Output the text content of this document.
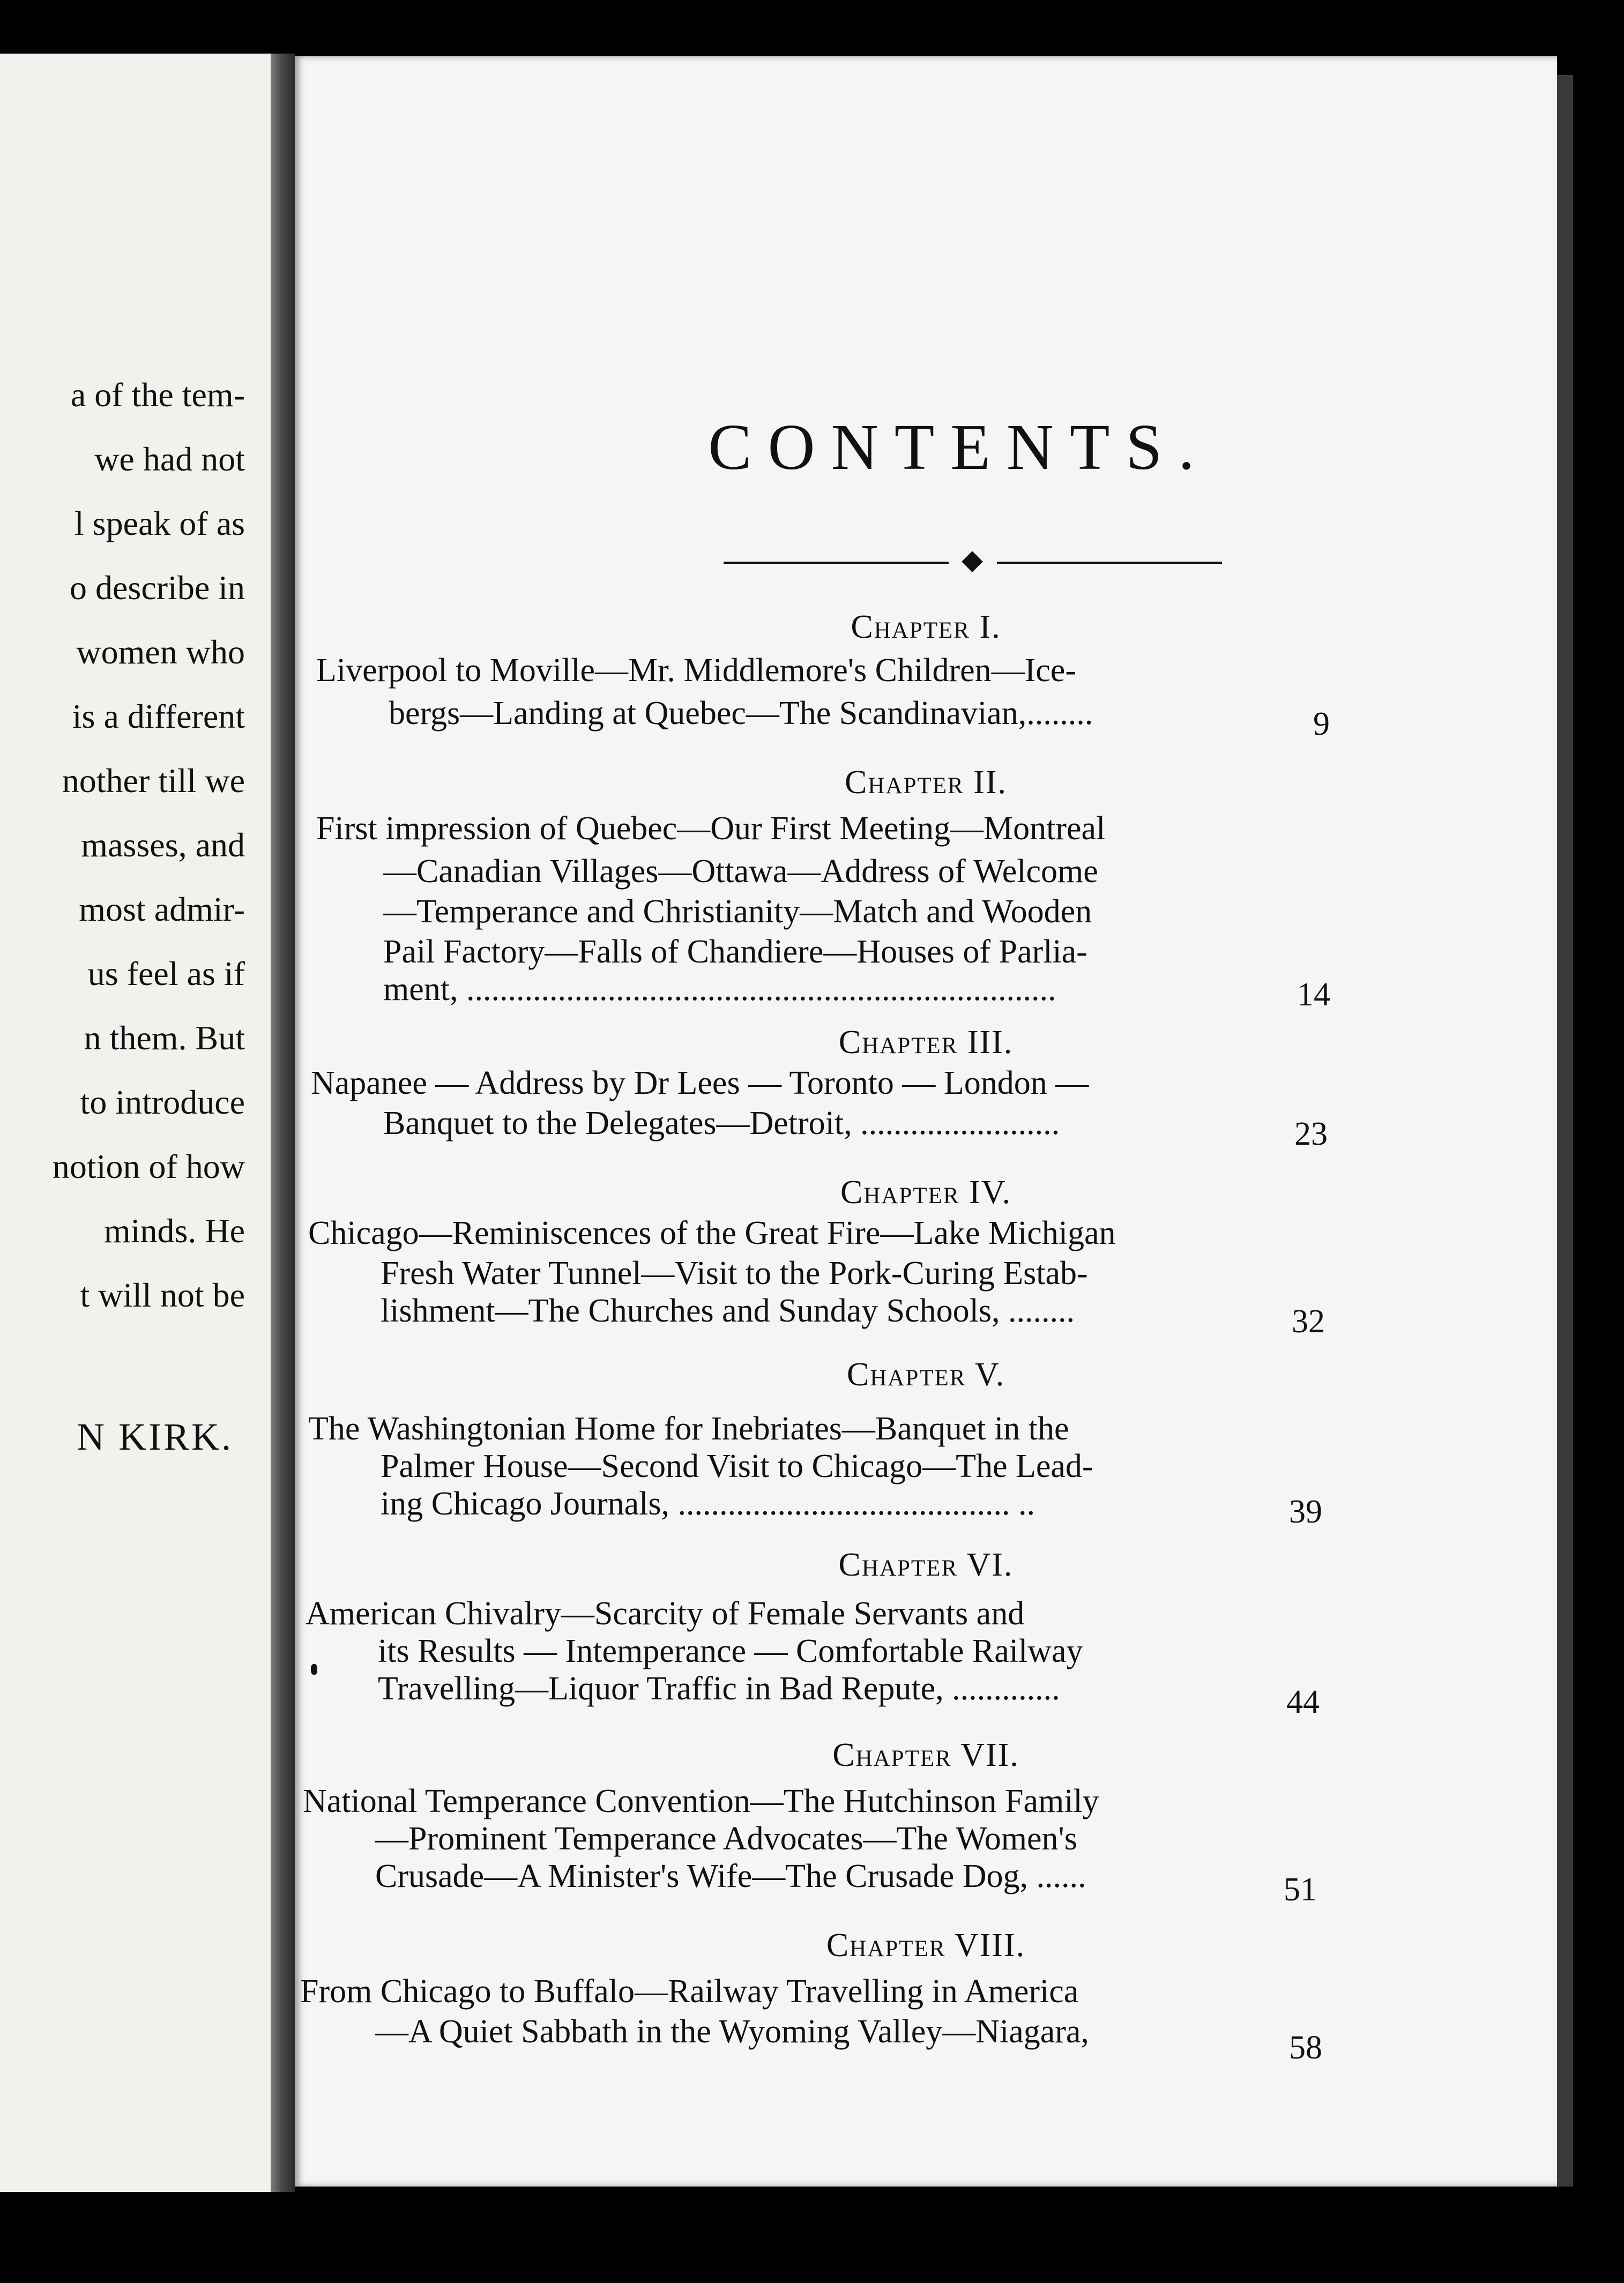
a of the tem-
we had not
l speak of as
o describe in
women who
is a different
nother till we
masses, and
most admir-
us feel as if
n them. But
to introduce
notion of how
minds. He
t will not be
N KIRK.
CONTENTS.
Chapter I.
Liverpool to Moville—Mr. Middlemore's Children—Ice-
bergs—Landing at Quebec—The Scandinavian,........	9
Chapter II.
First impression of Quebec—Our First Meeting—Montreal
—Canadian Villages—Ottawa—Address of Welcome
—Temperance and Christianity—Match and Wooden
Pail Factory—Falls of Chandiere—Houses of Parlia-
ment, .......................................................................	14
Chapter III.
Napanee — Address by Dr Lees — Toronto — London —
Banquet to the Delegates—Detroit, ........................	23
Chapter IV.
Chicago—Reminiscences of the Great Fire—Lake Michigan
Fresh Water Tunnel—Visit to the Pork-Curing Estab-
lishment—The Churches and Sunday Schools, ........	32
Chapter V.
The Washingtonian Home for Inebriates—Banquet in the
Palmer House—Second Visit to Chicago—The Lead-
ing Chicago Journals, ........................................ ..	39
Chapter VI.
American Chivalry—Scarcity of Female Servants and
its Results — Intemperance — Comfortable Railway
Travelling—Liquor Traffic in Bad Repute, .............	44
Chapter VII.
National Temperance Convention—The Hutchinson Family
—Prominent Temperance Advocates—The Women's
Crusade—A Minister's Wife—The Crusade Dog, ......	51
Chapter VIII.
From Chicago to Buffalo—Railway Travelling in America
—A Quiet Sabbath in the Wyoming Valley—Niagara,	58
